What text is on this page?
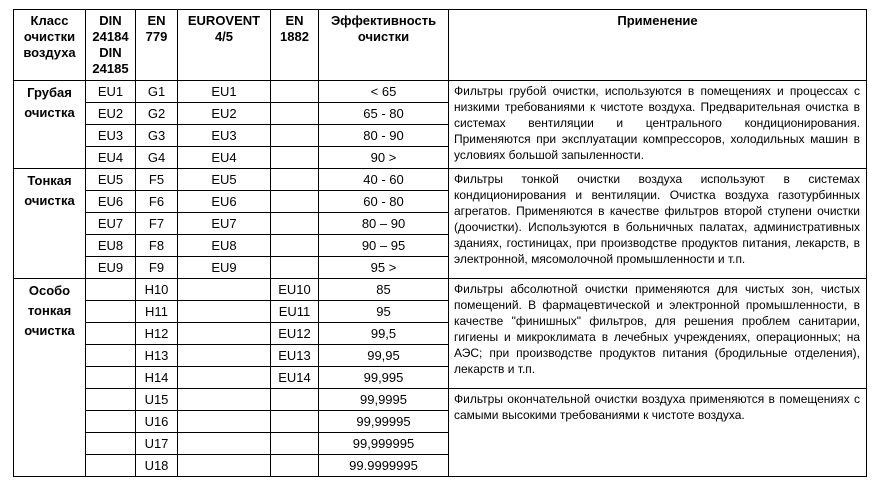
Класс очистки воздуха	DIN 24184 DIN 24185	EN 779	EUROVENT 4/5	EN 1882	Эффективность очистки	Применение
Грубая очистка	EU1	G1	EU1		< 65	Фильтры грубой очистки, используются в помещениях и процессах с низкими требованиями к чистоте воздуха. Предварительная очистка в системах вентиляции и центрального кондиционирования. Применяются при эксплуатации компрессоров, холодильных машин в условиях большой запыленности.
	EU2	G2	EU2		65 - 80	
	EU3	G3	EU3		80 - 90	
	EU4	G4	EU4		90 >	
Тонкая очистка	EU5	F5	EU5		40 - 60	Фильтры тонкой очистки воздуха используют в системах кондиционирования и вентиляции. Очистка воздуха газотурбинных агрегатов. Применяются в качестве фильтров второй ступени очистки (доочистки). Используются в больничных палатах, административных зданиях, гостиницах, при производстве продуктов питания, лекарств, в электронной, мясомолочной промышленности и т.п.
	EU6	F6	EU6		60 - 80	
	EU7	F7	EU7		80 – 90	
	EU8	F8	EU8		90 – 95	
	EU9	F9	EU9		95 >	
Особо тонкая очистка		H10		EU10	85	Фильтры абсолютной очистки применяются для чистых зон, чистых помещений. В фармацевтической и электронной промышленности, в качестве "финишных" фильтров, для решения проблем санитарии, гигиены и микроклимата в лечебных учреждениях, операционных; на АЭС; при производстве продуктов питания (бродильные отделения), лекарств и т.п.
		H11		EU11	95	
		H12		EU12	99,5	
		H13		EU13	99,95	
		H14		EU14	99,995	
		U15			99,9995	Фильтры окончательной очистки воздуха применяются в помещениях с самыми высокими требованиями к чистоте воздуха.
		U16			99,99995	
		U17			99,999995	
		U18			99.9999995	
